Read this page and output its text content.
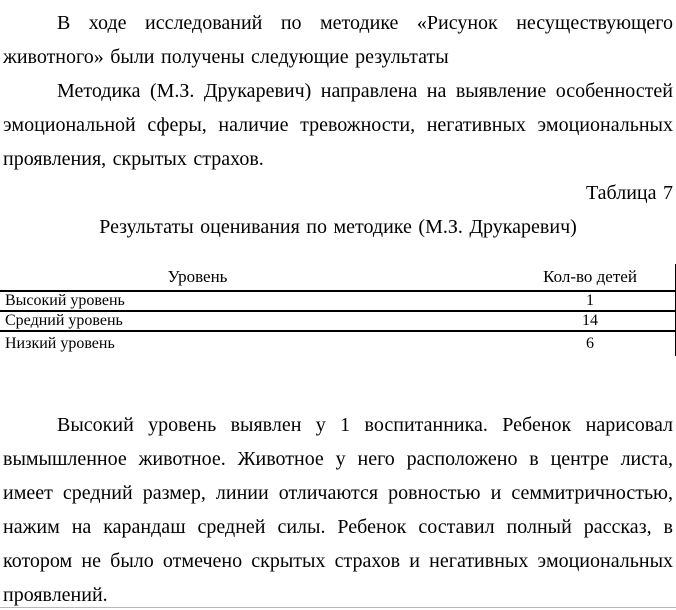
В ходе исследований по методике «Рисунок несуществующего животного» были получены следующие результаты

Методика (М.З. Друкаревич) направлена на выявление особенностей эмоциональной сферы, наличие тревожности, негативных эмоциональных проявления, скрытых страхов.

Таблица 7

Результаты оценивания по методике (М.З. Друкаревич)

Уровень	Кол-во детей
Высокий уровень	1
Средний уровень	14
Низкий уровень	6

Высокий уровень выявлен у 1 воспитанника. Ребенок нарисовал вымышленное животное. Животное у него расположено в центре листа, имеет средний размер, линии отличаются ровностью и семмитричностью, нажим на карандаш средней силы. Ребенок составил полный рассказ, в котором не было отмечено скрытых страхов и негативных эмоциональных проявлений.
